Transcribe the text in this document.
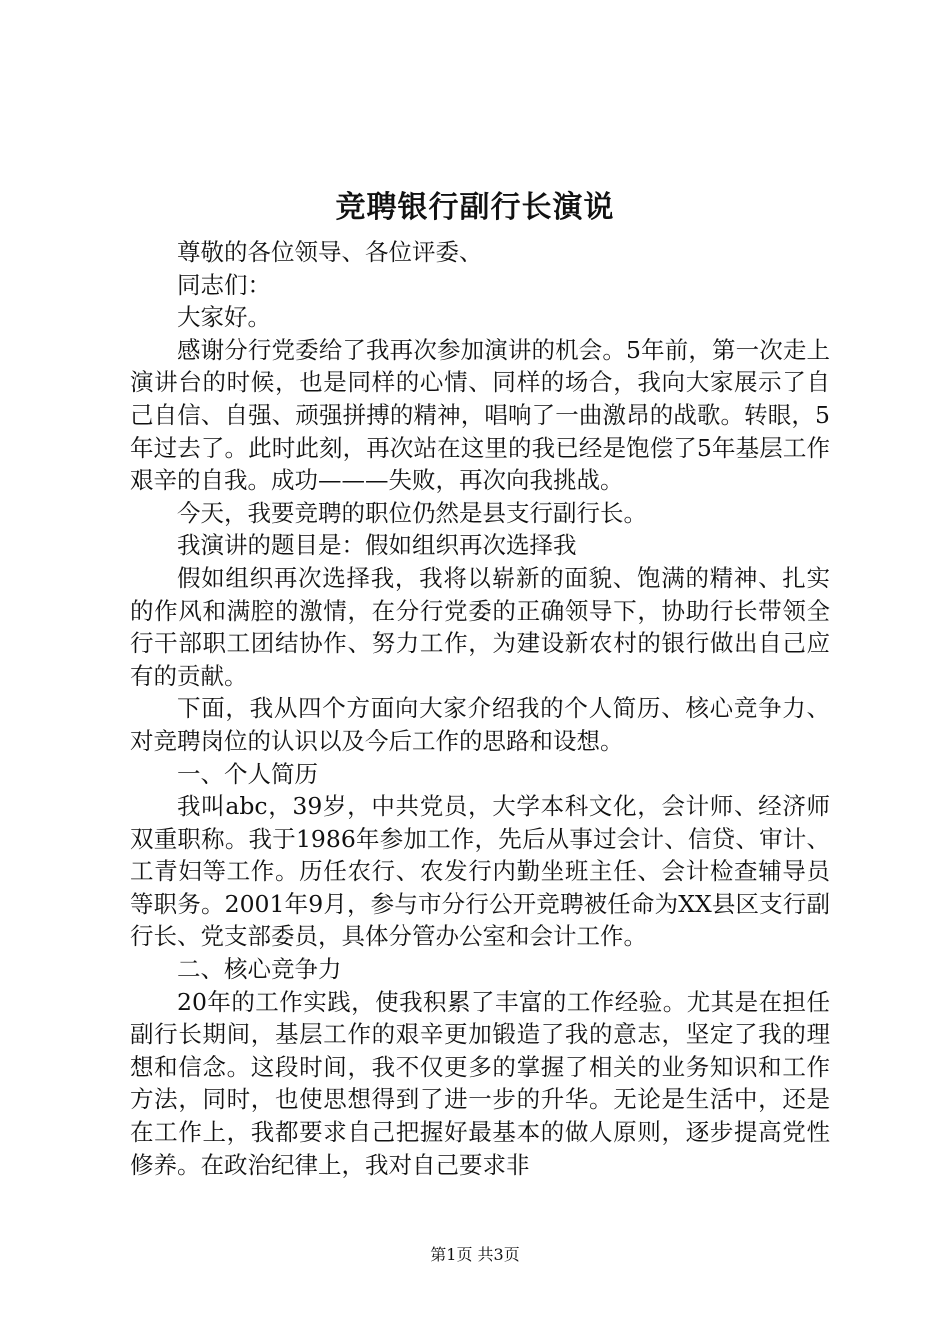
竞聘银行副行长演说

尊敬的各位领导、各位评委、

同志们：

大家好。

感谢分行党委给了我再次参加演讲的机会。5年前，第一次走上演讲台的时候，也是同样的心情、同样的场合，我向大家展示了自己自信、自强、顽强拼搏的精神，唱响了一曲激昂的战歌。转眼，5年过去了。此时此刻，再次站在这里的我已经是饱偿了5年基层工作艰辛的自我。成功———失败，再次向我挑战。

今天，我要竞聘的职位仍然是县支行副行长。

我演讲的题目是：假如组织再次选择我

假如组织再次选择我，我将以崭新的面貌、饱满的精神、扎实的作风和满腔的激情，在分行党委的正确领导下，协助行长带领全行干部职工团结协作、努力工作，为建设新农村的银行做出自己应有的贡献。

下面，我从四个方面向大家介绍我的个人简历、核心竞争力、对竞聘岗位的认识以及今后工作的思路和设想。

一、个人简历

我叫abc，39岁，中共党员，大学本科文化，会计师、经济师双重职称。我于1986年参加工作，先后从事过会计、信贷、审计、工青妇等工作。历任农行、农发行内勤坐班主任、会计检查辅导员等职务。2001年9月，参与市分行公开竞聘被任命为XX县区支行副行长、党支部委员，具体分管办公室和会计工作。

二、核心竞争力

20年的工作实践，使我积累了丰富的工作经验。尤其是在担任副行长期间，基层工作的艰辛更加锻造了我的意志，坚定了我的理想和信念。这段时间，我不仅更多的掌握了相关的业务知识和工作方法，同时，也使思想得到了进一步的升华。无论是生活中，还是在工作上，我都要求自己把握好最基本的做人原则，逐步提高党性修养。在政治纪律上，我对自己要求非

第1页 共3页
